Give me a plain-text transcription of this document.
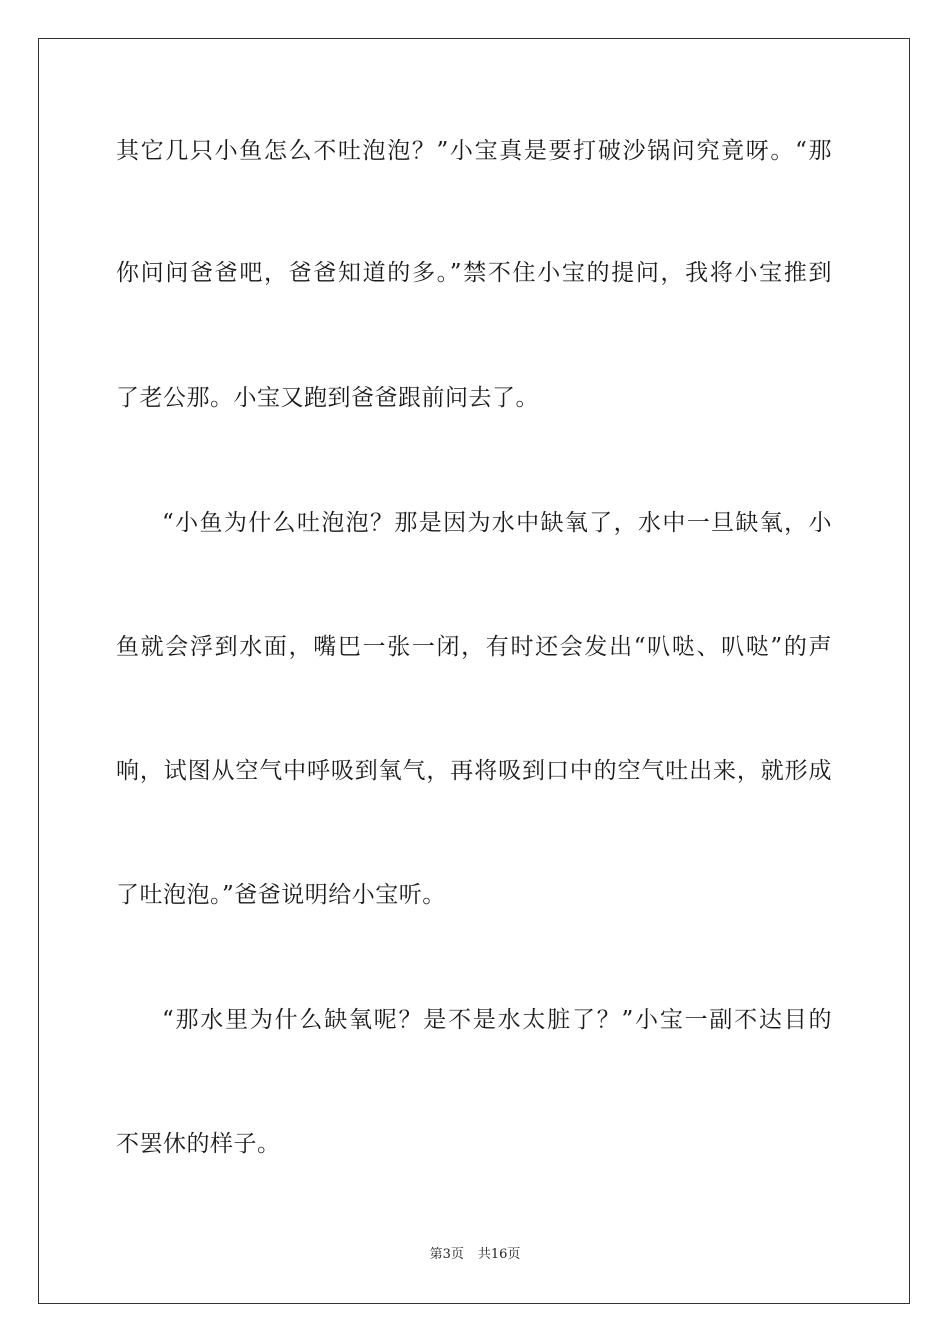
其它几只小鱼怎么不吐泡泡？”小宝真是要打破沙锅问究竟呀。“那
你问问爸爸吧，爸爸知道的多。”禁不住小宝的提问，我将小宝推到
了老公那。小宝又跑到爸爸跟前问去了。
“小鱼为什么吐泡泡？那是因为水中缺氧了，水中一旦缺氧，小
鱼就会浮到水面，嘴巴一张一闭，有时还会发出“叭哒、叭哒”的声
响，试图从空气中呼吸到氧气，再将吸到口中的空气吐出来，就形成
了吐泡泡。”爸爸说明给小宝听。
“那水里为什么缺氧呢？是不是水太脏了？”小宝一副不达目的
不罢休的样子。
第3页 共16页
